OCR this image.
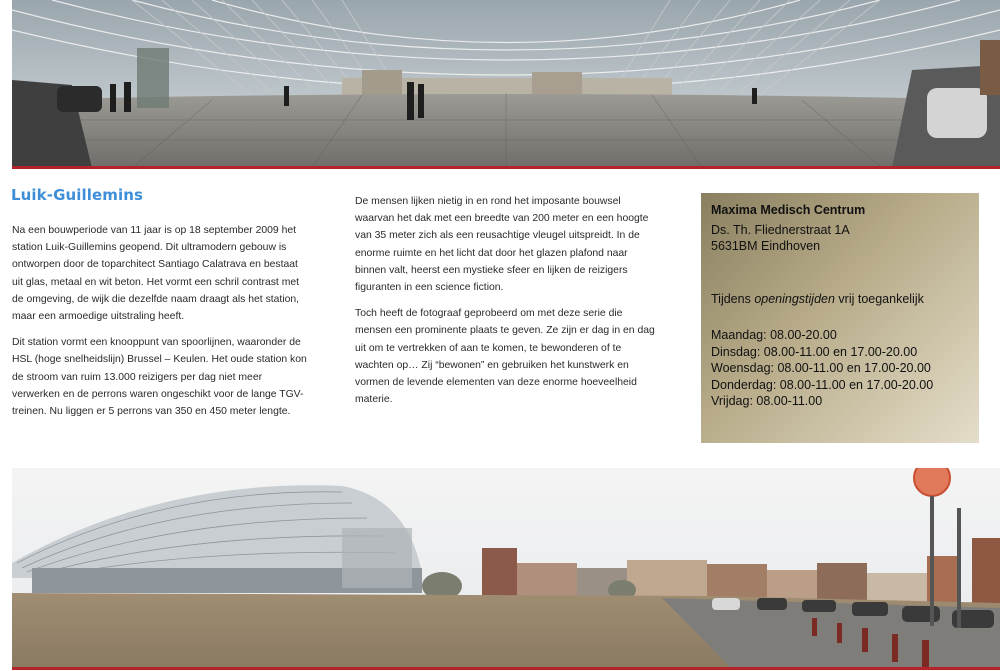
Luik-Guillemins

Na een bouwperiode van 11 jaar is op 18 september 2009 het station Luik-Guillemins geopend. Dit ultramodern gebouw is ontworpen door de toparchitect Santiago Calatrava en bestaat uit glas, metaal en wit beton. Het vormt een schril contrast met de omgeving, de wijk die dezelfde naam draagt als het station, maar een armoedige uitstraling heeft.

Dit station vormt een knooppunt van spoorlijnen, waaronder de HSL (hoge snelheidslijn) Brussel – Keulen. Het oude station kon de stroom van ruim 13.000 reizigers per dag niet meer verwerken en de perrons waren ongeschikt voor de lange TGV-treinen. Nu liggen er 5 perrons van 350 en 450 meter lengte.

De mensen lijken nietig in en rond het imposante bouwsel waarvan het dak met een breedte van 200 meter en een hoogte van 35 meter zich als een reusachtige vleugel uitspreidt. In de enorme ruimte en het licht dat door het glazen plafond naar binnen valt, heerst een mystieke sfeer en lijken de reizigers figuranten in een science fiction.

Toch heeft de fotograaf geprobeerd om met deze serie die mensen een prominente plaats te geven. Ze zijn er dag in en dag uit om te vertrekken of aan te komen, te bewonderen of te wachten op… Zij “bewonen” en gebruiken het kunstwerk en vormen de levende elementen van deze enorme hoeveelheid materie.

Maxima Medisch Centrum
Ds. Th. Fliednerstraat 1A
5631BM Eindhoven
Tijdens openingstijden vrij toegankelijk
Maandag: 08.00-20.00
Dinsdag: 08.00-11.00 en 17.00-20.00
Woensdag: 08.00-11.00 en 17.00-20.00
Donderdag: 08.00-11.00 en 17.00-20.00
Vrijdag: 08.00-11.00
